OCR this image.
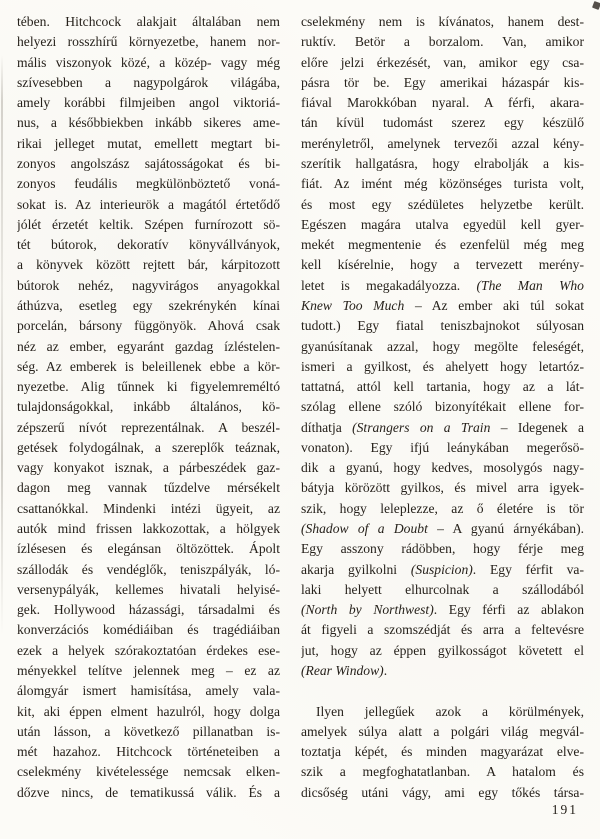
tében. Hitchcock alakjait általában nem
helyezi rosszhírű környezetbe, hanem nor-
mális viszonyok közé, a közép- vagy még
szívesebben a nagypolgárok világába,
amely korábbi filmjeiben angol viktoriá-
nus, a későbbiekben inkább sikeres ame-
rikai jelleget mutat, emellett megtart bi-
zonyos angolszász sajátosságokat és bi-
zonyos feudális megkülönböztető voná-
sokat is. Az interieurök a magától értetődő
jólét érzetét keltik. Szépen furnírozott sö-
tét bútorok, dekoratív könyvállványok,
a könyvek között rejtett bár, kárpitozott
bútorok nehéz, nagyvirágos anyagokkal
áthúzva, esetleg egy szekrénykén kínai
porcelán, bársony függönyök. Ahová csak
néz az ember, egyaránt gazdag ízléstelen-
ség. Az emberek is beleillenek ebbe a kör-
nyezetbe. Alig tűnnek ki figyelemreméltó
tulajdonságokkal, inkább általános, kö-
zépszerű nívót reprezentálnak. A beszél-
getések folydogálnak, a szereplők teáznak,
vagy konyakot isznak, a párbeszédek gaz-
dagon meg vannak tűzdelve mérsékelt
csattanókkal. Mindenki intézi ügyeit, az
autók mind frissen lakkozottak, a hölgyek
ízlésesen és elegánsan öltözöttek. Ápolt
szállodák és vendéglők, teniszpályák, ló-
versenypályák, kellemes hivatali helyisé-
gek. Hollywood házassági, társadalmi és
konverzációs komédiáiban és tragédiáiban
ezek a helyek szórakoztatóan érdekes ese-
ményekkel telítve jelennek meg – ez az
álomgyár ismert hamisítása, amely vala-
kit, aki éppen elment hazulról, hogy dolga
után lásson, a következő pillanatban is-
mét hazahoz. Hitchcock történeteiben a
cselekmény kivételessége nemcsak elken-
dőzve nincs, de tematikussá válik. És a
cselekmény nem is kívánatos, hanem dest-
ruktív. Betör a borzalom. Van, amikor
előre jelzi érkezését, van, amikor egy csa-
pásra tör be. Egy amerikai házaspár kis-
fiával Marokkóban nyaral. A férfi, akara-
tán kívül tudomást szerez egy készülő
merényletről, amelynek tervezői azzal kény-
szerítik hallgatásra, hogy elrabolják a kis-
fiát. Az imént még közönséges turista volt,
és most egy szédületes helyzetbe került.
Egészen magára utalva egyedül kell gyer-
mekét megmentenie és ezenfelül még meg
kell kísérelnie, hogy a tervezett merény-
letet is megakadályozza. (The Man Who
Knew Too Much – Az ember aki túl sokat
tudott.) Egy fiatal teniszbajnokot súlyosan
gyanúsítanak azzal, hogy megölte feleségét,
ismeri a gyilkost, és ahelyett hogy letartóz-
tattatná, attól kell tartania, hogy az a lát-
szólag ellene szóló bizonyítékait ellene for-
díthatja (Strangers on a Train – Idegenek a
vonaton). Egy ifjú leánykában megerősö-
dik a gyanú, hogy kedves, mosolygós nagy-
bátyja körözött gyilkos, és mivel arra igyek-
szik, hogy leleplezze, az ő életére is tör
(Shadow of a Doubt – A gyanú árnyékában).
Egy asszony rádöbben, hogy férje meg
akarja gyilkolni (Suspicion). Egy férfit va-
laki helyett elhurcolnak a szállodából
(North by Northwest). Egy férfi az ablakon
át figyeli a szomszédját és arra a feltevésre
jut, hogy az éppen gyilkosságot követett el
(Rear Window).
Ilyen jellegűek azok a körülmények,
amelyek súlya alatt a polgári világ megvál-
toztatja képét, és minden magyarázat elve-
szik a megfoghatatlanban. A hatalom és
dicsőség utáni vágy, ami egy tőkés társa-
191
